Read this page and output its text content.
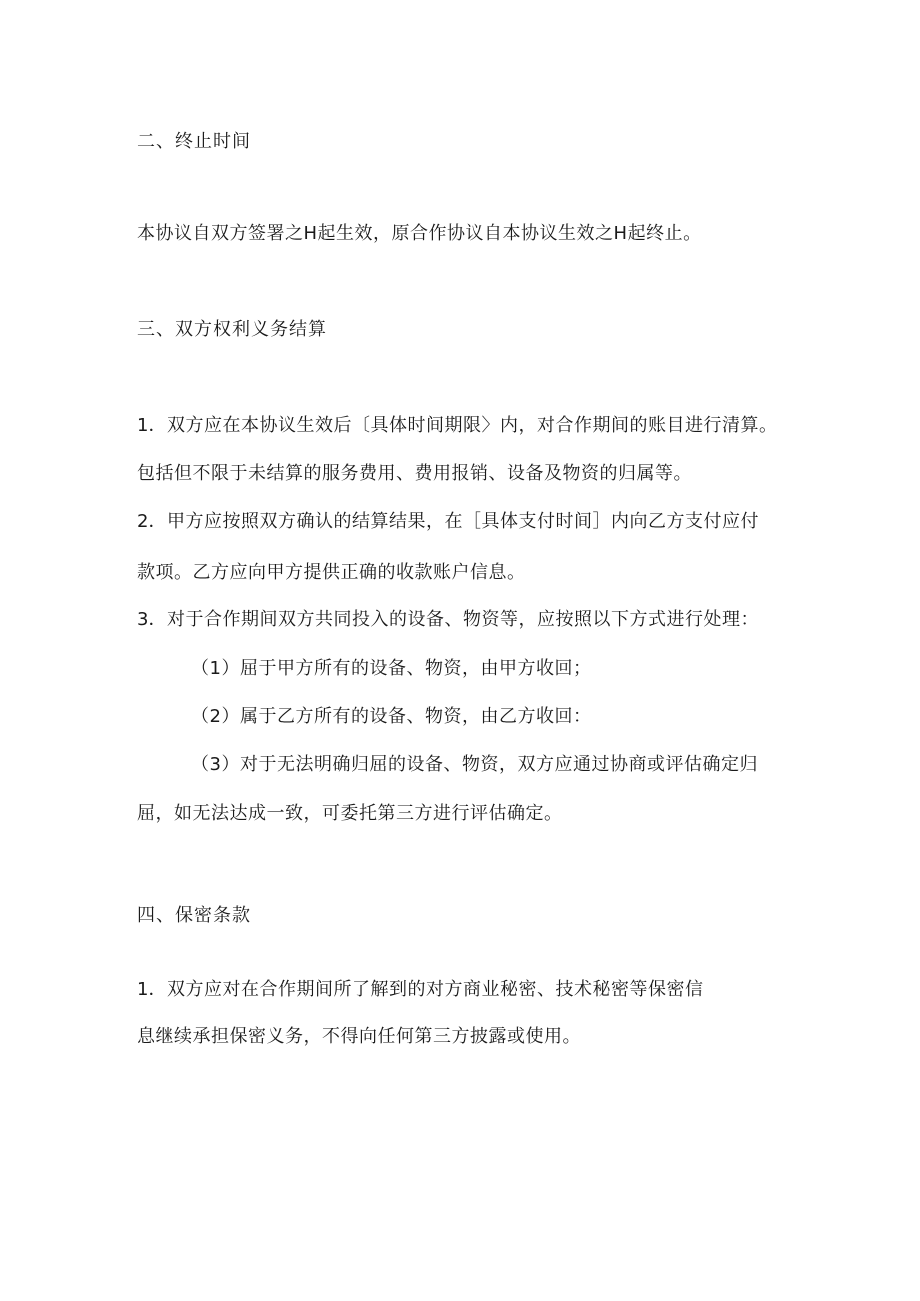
二、终止时间
本协议自双方签署之H起生效，原合作协议自本协议生效之H起终止。
三、双方权利义务结算
1．双方应在本协议生效后〔具体时间期限〉内，对合作期间的账目进行清算。
包括但不限于未结算的服务费用、费用报销、设备及物资的归属等。
2．甲方应按照双方确认的结算结果，在［具体支付时间］内向乙方支付应付
款项。乙方应向甲方提供正确的收款账户信息。
3．对于合作期间双方共同投入的设备、物资等，应按照以下方式进行处理：
（1）屈于甲方所有的设备、物资，由甲方收回；
（2）属于乙方所有的设备、物资，由乙方收回：
（3）对于无法明确归屈的设备、物资，双方应通过协商或评估确定归
屈，如无法达成一致，可委托第三方进行评估确定。
四、保密条款
1．双方应对在合作期间所了解到的对方商业秘密、技术秘密等保密信
息继续承担保密义务，不得向任何第三方披露或使用。
